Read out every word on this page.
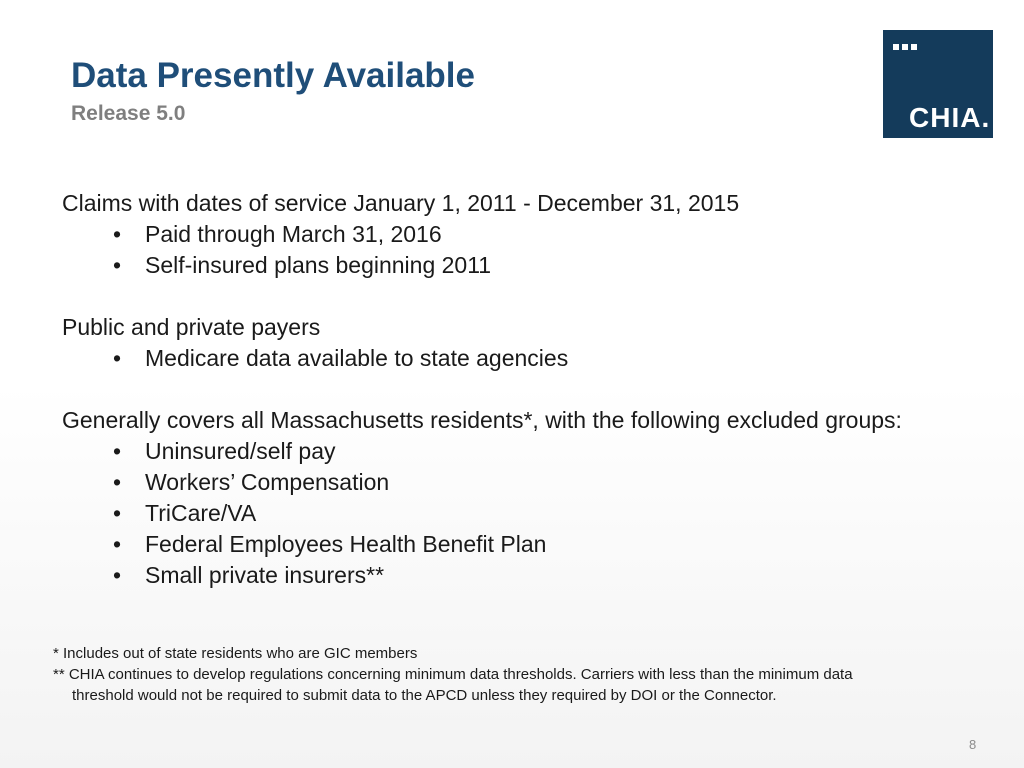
Data Presently Available
Release 5.0	CHIA.

Claims with dates of service January 1, 2011 - December 31, 2015

• Paid through March 31, 2016
• Self-insured plans beginning 2011

Public and private payers

• Medicare data available to state agencies

Generally covers all Massachusetts residents*, with the following excluded groups:

• Uninsured/self pay
• Workers’ Compensation
• TriCare/VA
• Federal Employees Health Benefit Plan
• Small private insurers**
* Includes out of state residents who are GIC members
** CHIA continues to develop regulations concerning minimum data thresholds. Carriers with less than the minimum data
threshold would not be required to submit data to the APCD unless they required by DOI or the Connector.
8
